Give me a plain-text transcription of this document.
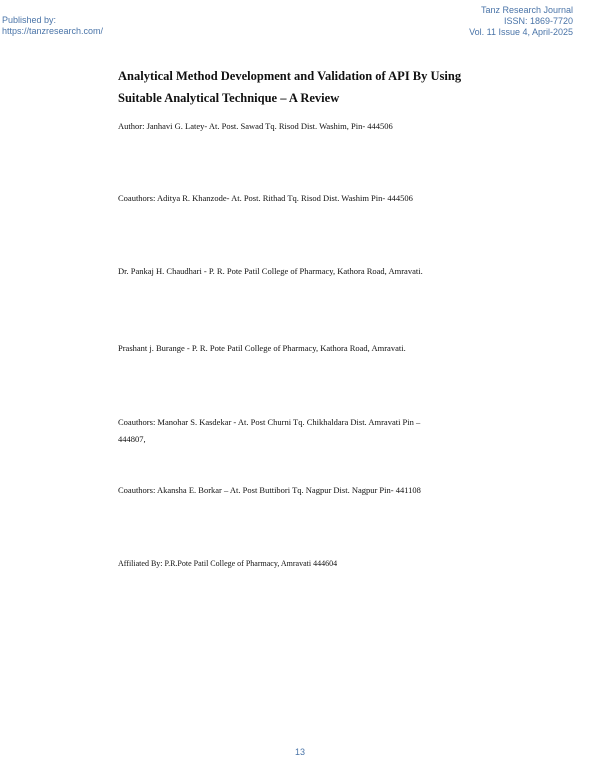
Published by:
https://tanzresearch.com/
Tanz Research Journal
ISSN: 1869-7720
Vol. 11 Issue 4, April-2025
Analytical Method Development and Validation of API By Using
Suitable Analytical Technique – A Review

Author: Janhavi G. Latey- At. Post. Sawad Tq. Risod Dist. Washim, Pin- 444506

Coauthors: Aditya R. Khanzode- At. Post. Rithad Tq. Risod Dist. Washim Pin- 444506

Dr. Pankaj H. Chaudhari - P. R. Pote Patil College of Pharmacy, Kathora Road, Amravati.

Prashant j. Burange - P. R. Pote Patil College of Pharmacy, Kathora Road, Amravati.

Coauthors: Manohar S. Kasdekar - At. Post Churni Tq. Chikhaldara Dist. Amravati Pin –
444807,

Coauthors: Akansha E. Borkar – At. Post Buttibori Tq. Nagpur Dist. Nagpur Pin- 441108

Affiliated By: P.R.Pote Patil College of Pharmacy, Amravati 444604

13
